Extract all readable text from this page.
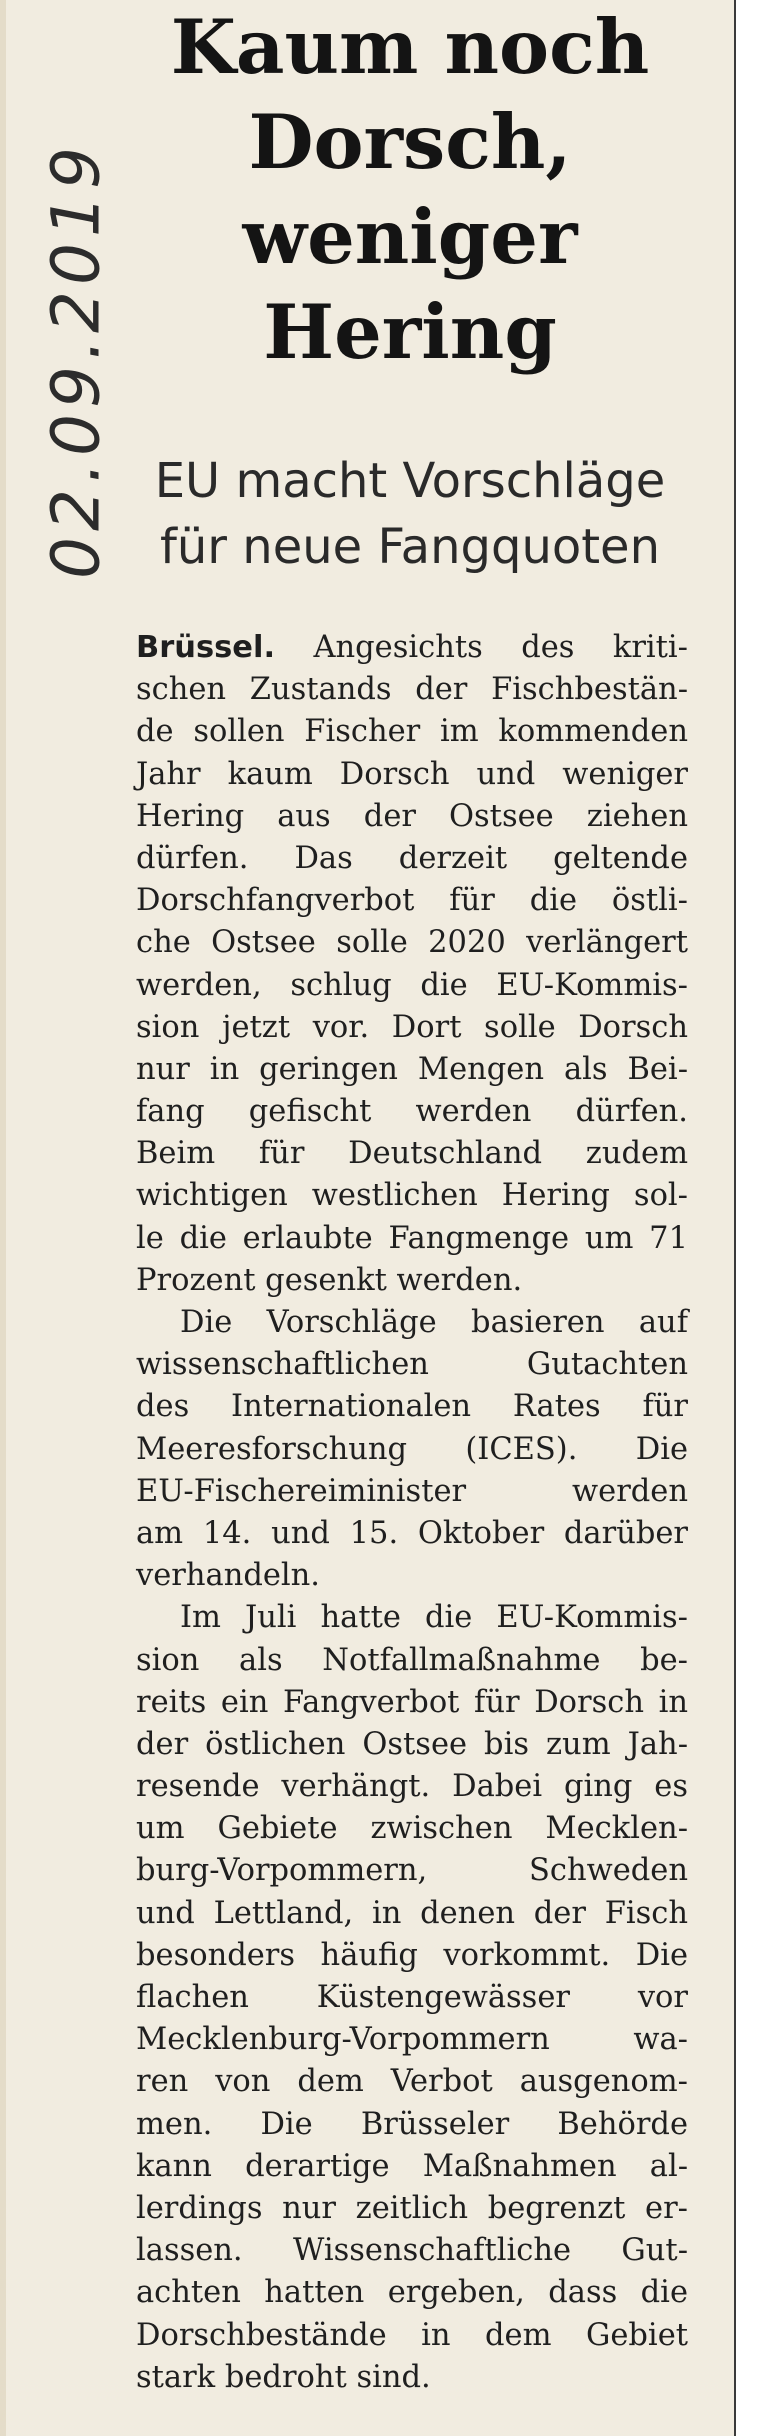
02.09.2019
Kaum noch
Dorsch,
weniger
Hering
EU macht Vorschläge
für neue Fangquoten
Brüssel. Angesichts des kriti-
schen Zustands der Fischbestän-
de sollen Fischer im kommenden
Jahr kaum Dorsch und weniger
Hering aus der Ostsee ziehen
dürfen. Das derzeit geltende
Dorschfangverbot für die östli-
che Ostsee solle 2020 verlängert
werden, schlug die EU-Kommis-
sion jetzt vor. Dort solle Dorsch
nur in geringen Mengen als Bei-
fang gefischt werden dürfen.
Beim für Deutschland zudem
wichtigen westlichen Hering sol-
le die erlaubte Fangmenge um 71
Prozent gesenkt werden.
Die Vorschläge basieren auf
wissenschaftlichen Gutachten
des Internationalen Rates für
Meeresforschung (ICES). Die
EU-Fischereiminister werden
am 14. und 15. Oktober darüber
verhandeln.
Im Juli hatte die EU-Kommis-
sion als Notfallmaßnahme be-
reits ein Fangverbot für Dorsch in
der östlichen Ostsee bis zum Jah-
resende verhängt. Dabei ging es
um Gebiete zwischen Mecklen-
burg-Vorpommern, Schweden
und Lettland, in denen der Fisch
besonders häufig vorkommt. Die
flachen Küstengewässer vor
Mecklenburg-Vorpommern wa-
ren von dem Verbot ausgenom-
men. Die Brüsseler Behörde
kann derartige Maßnahmen al-
lerdings nur zeitlich begrenzt er-
lassen. Wissenschaftliche Gut-
achten hatten ergeben, dass die
Dorschbestände in dem Gebiet
stark bedroht sind.
